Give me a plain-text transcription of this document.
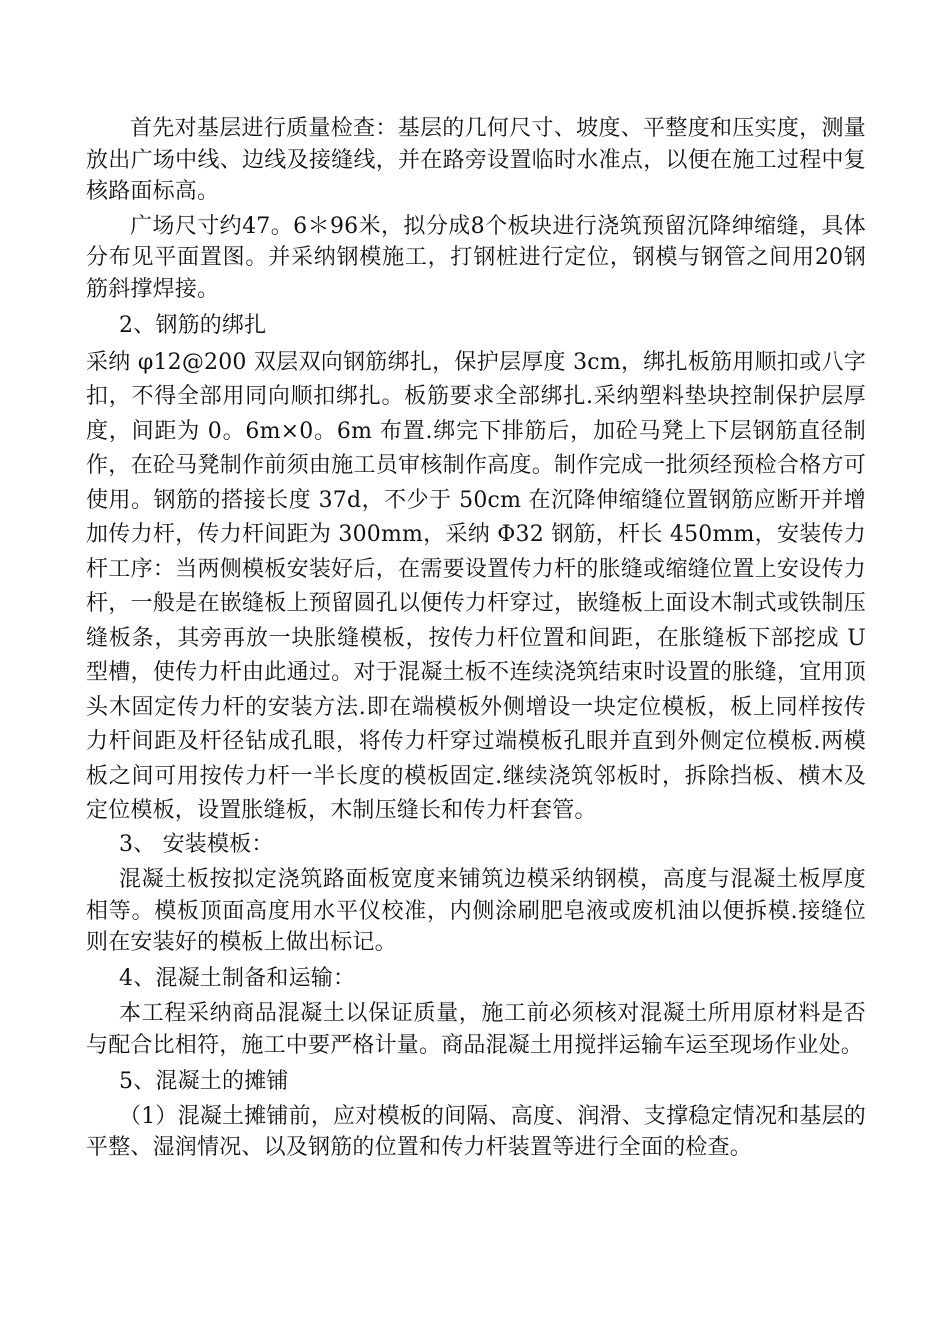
首先对基层进行质量检查：基层的几何尺寸、坡度、平整度和压实度，测量放出广场中线、边线及接缝线，并在路旁设置临时水准点，以便在施工过程中复核路面标高。

广场尺寸约47。6＊96米，拟分成8个板块进行浇筑预留沉降绅缩缝，具体分布见平面置图。并采纳钢模施工，打钢桩进行定位，钢模与钢管之间用20钢筋斜撑焊接。

2、钢筋的绑扎

采纳 φ12@200 双层双向钢筋绑扎，保护层厚度 3cm，绑扎板筋用顺扣或八字扣，不得全部用同向顺扣绑扎。板筋要求全部绑扎.采纳塑料垫块控制保护层厚度，间距为 0。6m×0。6m 布置.绑完下排筋后，加砼马凳上下层钢筋直径制作，在砼马凳制作前须由施工员审核制作高度。制作完成一批须经预检合格方可使用。钢筋的搭接长度 37d，不少于 50cm 在沉降伸缩缝位置钢筋应断开并增加传力杆，传力杆间距为 300mm，采纳 Φ32 钢筋，杆长 450mm，安装传力杆工序：当两侧模板安装好后，在需要设置传力杆的胀缝或缩缝位置上安设传力杆，一般是在嵌缝板上预留圆孔以便传力杆穿过，嵌缝板上面设木制式或铁制压缝板条，其旁再放一块胀缝模板，按传力杆位置和间距，在胀缝板下部挖成 U 型槽，使传力杆由此通过。对于混凝土板不连续浇筑结束时设置的胀缝，宜用顶头木固定传力杆的安装方法.即在端模板外侧增设一块定位模板，板上同样按传力杆间距及杆径钻成孔眼，将传力杆穿过端模板孔眼并直到外侧定位模板.两模板之间可用按传力杆一半长度的模板固定.继续浇筑邻板时，拆除挡板、横木及定位模板，设置胀缝板，木制压缝长和传力杆套管。

3、 安装模板：

混凝土板按拟定浇筑路面板宽度来铺筑边模采纳钢模，高度与混凝土板厚度相等。模板顶面高度用水平仪校准，内侧涂刷肥皂液或废机油以便拆模.接缝位则在安装好的模板上做出标记。

4、混凝土制备和运输：

本工程采纳商品混凝土以保证质量，施工前必须核对混凝土所用原材料是否与配合比相符，施工中要严格计量。商品混凝土用搅拌运输车运至现场作业处。

5、混凝土的摊铺

（1）混凝土摊铺前，应对模板的间隔、高度、润滑、支撑稳定情况和基层的平整、湿润情况、以及钢筋的位置和传力杆装置等进行全面的检查。
